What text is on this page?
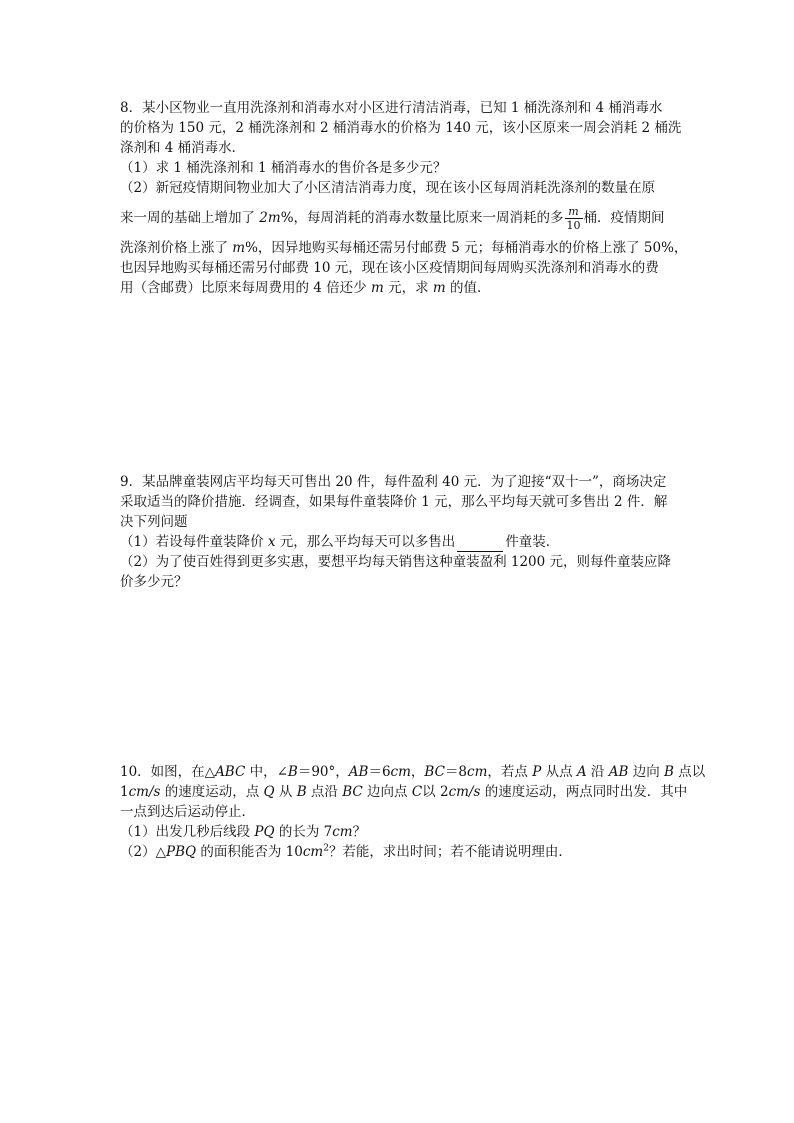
8．某小区物业一直用洗涤剂和消毒水对小区进行清洁消毒，已知 1 桶洗涤剂和 4 桶消毒水
的价格为 150 元，2 桶洗涤剂和 2 桶消毒水的价格为 140 元，该小区原来一周会消耗 2 桶洗
涤剂和 4 桶消毒水．
（1）求 1 桶洗涤剂和 1 桶消毒水的售价各是多少元？
（2）新冠疫情期间物业加大了小区清洁消毒力度，现在该小区每周消耗洗涤剂的数量在原
来一周的基础上增加了 2m%，每周消耗的消毒水数量比原来一周消耗的多 $\frac{m}{10}$ 桶．疫情期间
洗涤剂价格上涨了 m%，因异地购买每桶还需另付邮费 5 元；每桶消毒水的价格上涨了 50%，
也因异地购买每桶还需另付邮费 10 元，现在该小区疫情期间每周购买洗涤剂和消毒水的费
用（含邮费）比原来每周费用的 4 倍还少 m 元，求 m 的值．
9．某品牌童装网店平均每天可售出 20 件，每件盈利 40 元．为了迎接“双十一”，商场决定
采取适当的降价措施．经调查，如果每件童装降价 1 元，那么平均每天就可多售出 2 件．解
决下列问题
（1）若设每件童装降价 x 元，那么平均每天可以多售出	件童装．
（2）为了使百姓得到更多实惠，要想平均每天销售这种童装盈利 1200 元，则每件童装应降
价多少元？
10．如图，在△ABC 中，∠B＝90°，AB＝6cm，BC＝8cm，若点 P 从点 A 沿 AB 边向 B 点以
1cm/s 的速度运动，点 Q 从 B 点沿 BC 边向点 C以 2cm/s 的速度运动，两点同时出发．其中
一点到达后运动停止．
（1）出发几秒后线段 PQ 的长为 7cm？
（2）△PBQ 的面积能否为 $10cm^2$？若能，求出时间；若不能请说明理由．
